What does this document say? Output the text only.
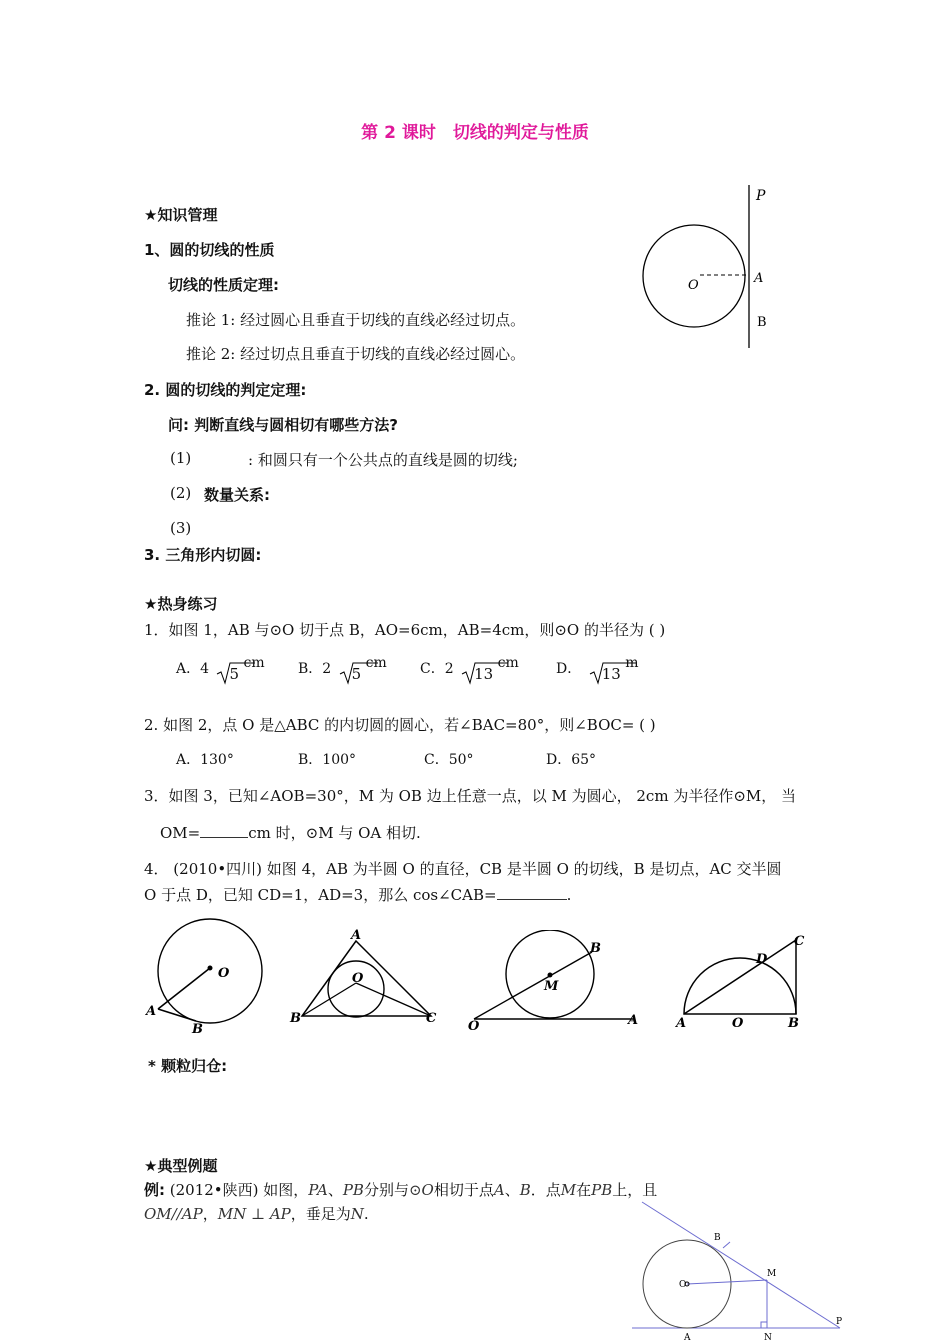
第 2 课时　切线的判定与性质
P
O	A
B
★知识管理
1、圆的切线的性质
切线的性质定理:
推论 1: 经过圆心且垂直于切线的直线必经过切点。
推论 2: 经过切点且垂直于切线的直线必经过圆心。
2. 圆的切线的判定定理:
问: 判断直线与圆相切有哪些方法?
(1)	: 和圆只有一个公共点的直线是圆的切线;
(2) 数量关系:
(3)
3. 三角形内切圆:
★热身练习
1．如图 1，AB 与⊙O 切于点 B，AO=6cm，AB=4cm，则⊙O 的半径为 ( )
A．4 5 cm B．2 5 cm C．2 13 cm	D． 13 m
2. 如图 2，点 O 是△ABC 的内切圆的圆心，若∠BAC=80°，则∠BOC= ( )
A．130°	B．100°	C．50°	D．65°
3．如图 3，已知∠AOB=30°，M 为 OB 边上任意一点，以 M 为圆心， 2cm 为半径作⊙M， 当
OM=	cm 时，⊙M 与 OA 相切.
4． (2010•四川) 如图 4，AB 为半圆 O 的直径，CB 是半圆 O 的切线，B 是切点，AC 交半圆
O 于点 D，已知 CD=1，AD=3，那么 cos∠CAB=	.
O
A
B
A
O
B	C
B
M
O	A
C
D
A	O	B
* 颗粒归仓:
★典型例题
例: (2012•陕西) 如图，PA、PB分别与⊙O相切于点A、B．点M在PB上，且
OM//AP，MN ⊥ AP，垂足为N.
B
O
M
P
A	N
